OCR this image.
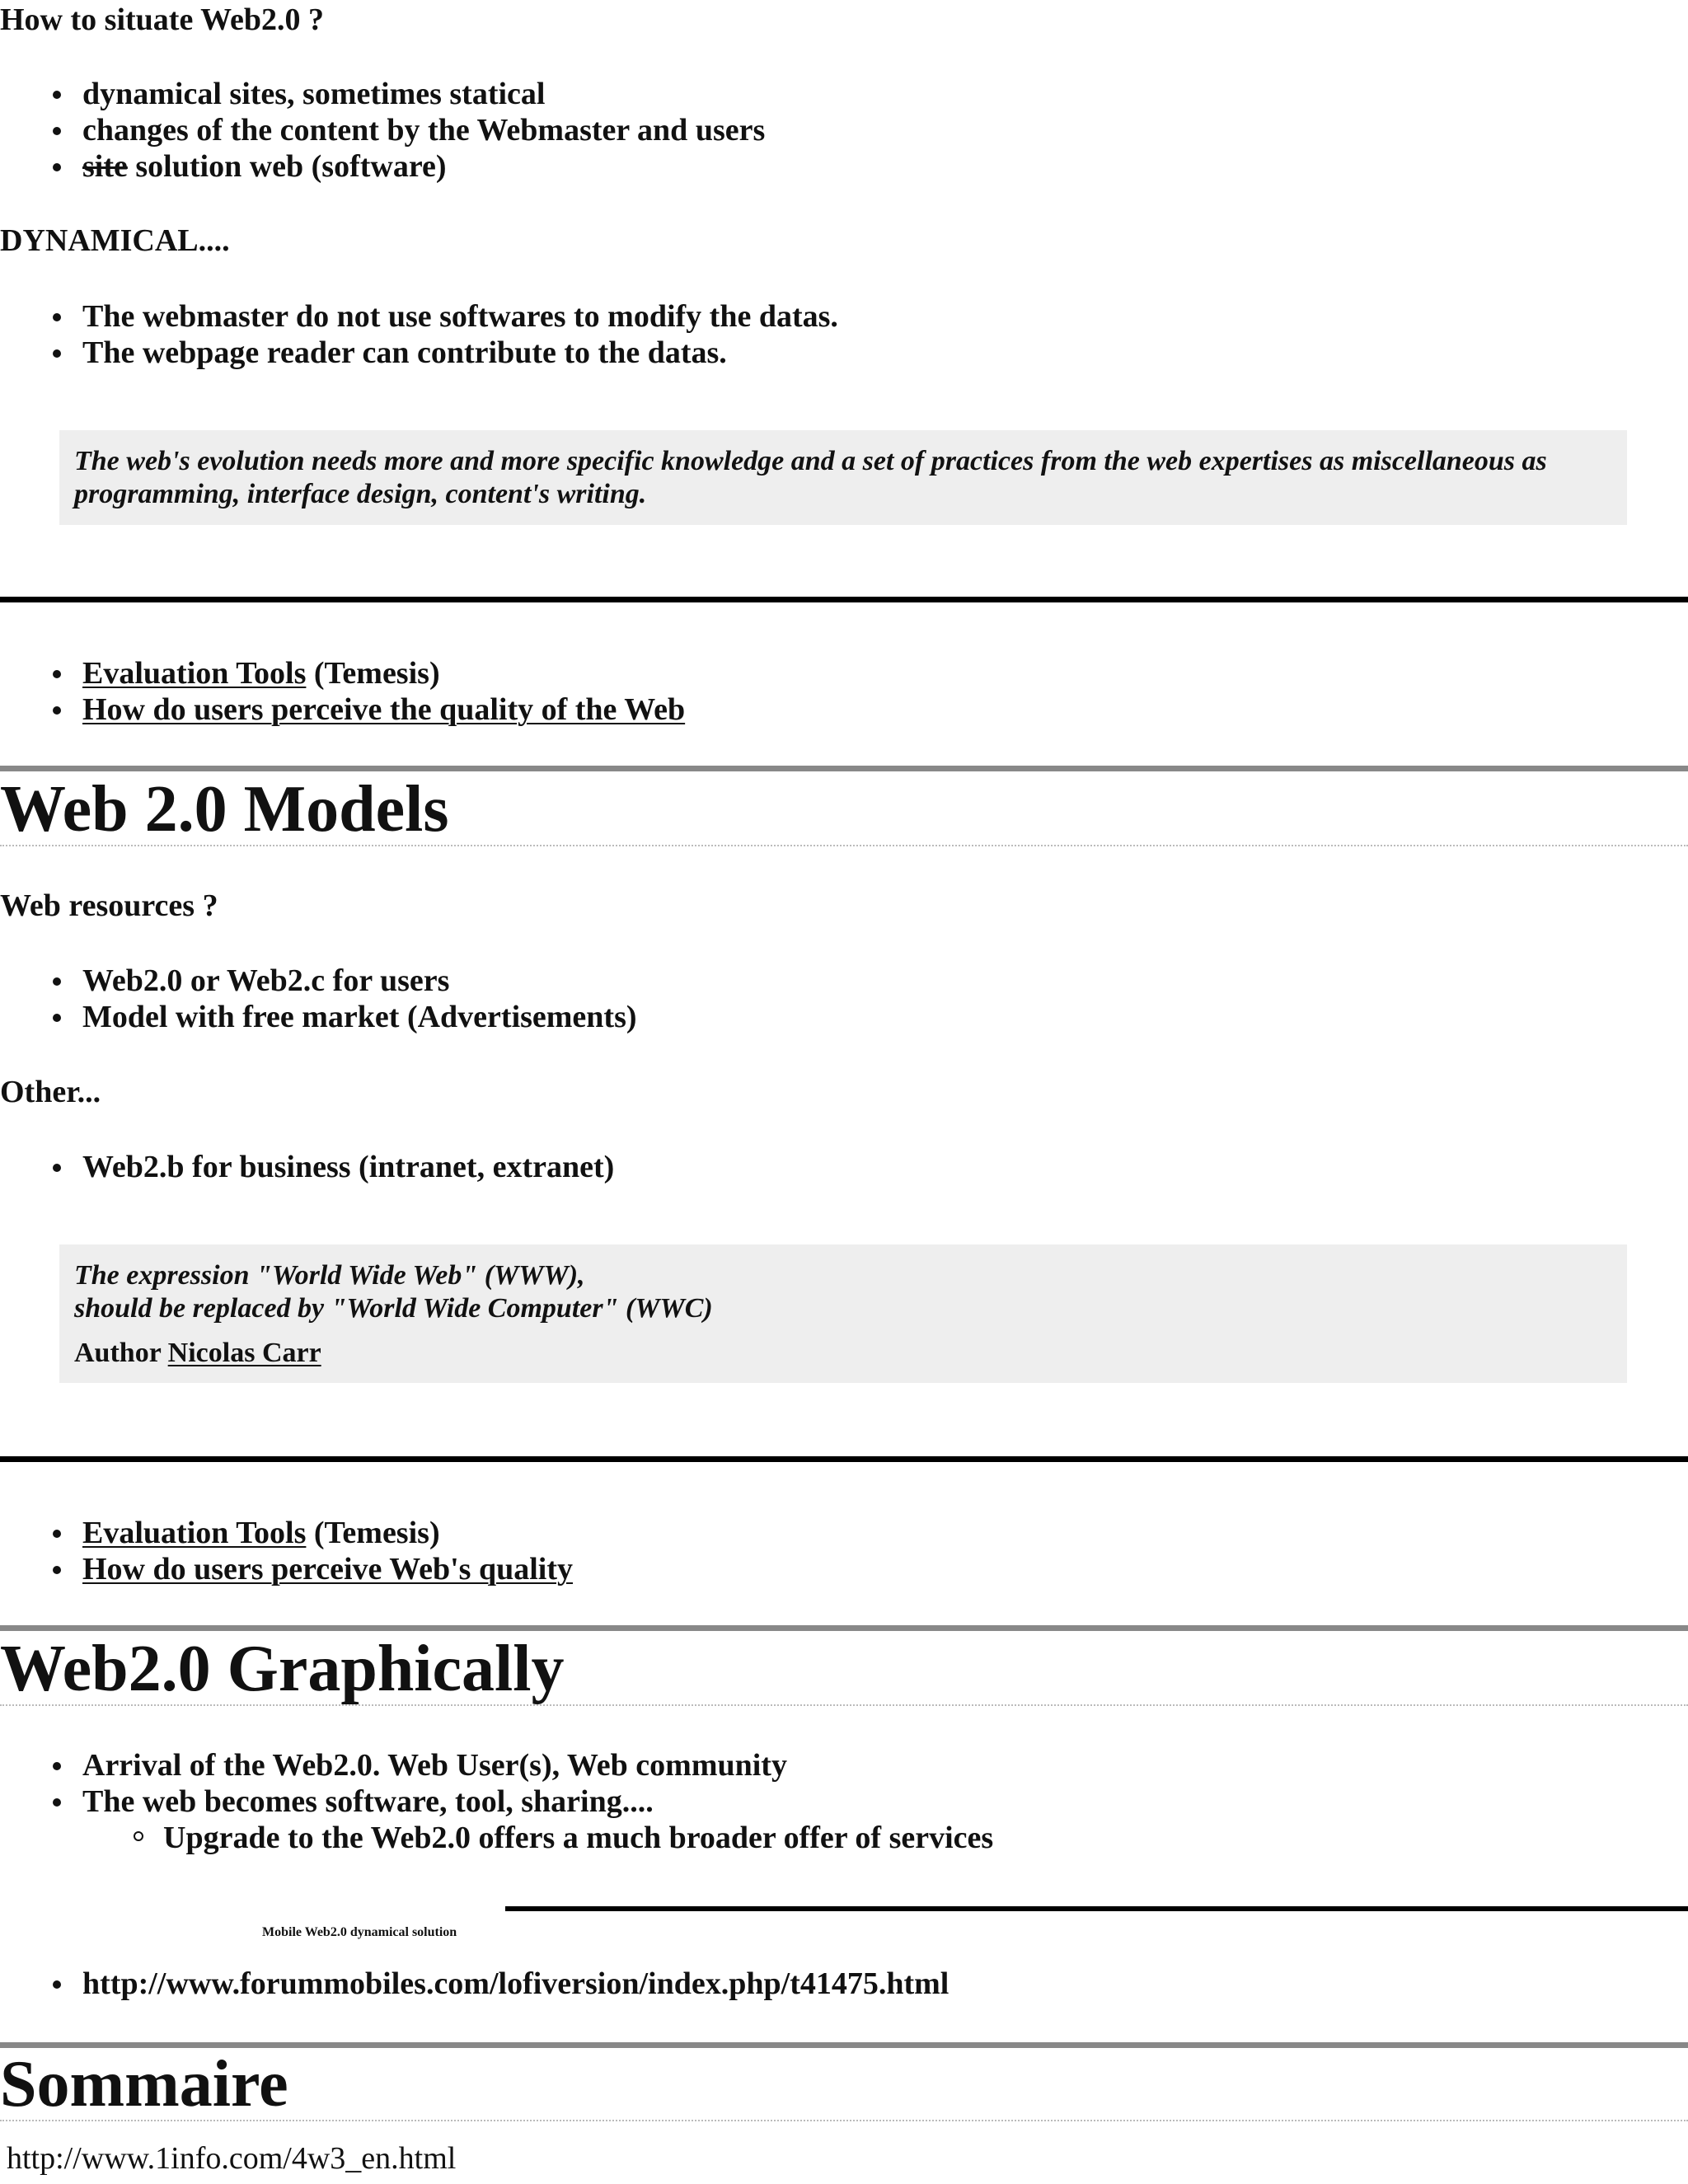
How to situate Web2.0 ?
dynamical sites, sometimes statical
changes of the content by the Webmaster and users
site solution web (software)
DYNAMICAL....
The webmaster do not use softwares to modify the datas.
The webpage reader can contribute to the datas.
The web's evolution needs more and more specific knowledge and a set of practices from the web expertises as miscellaneous as programming, interface design, content's writing.
Evaluation Tools (Temesis)
How do users perceive the quality of the Web
Web 2.0 Models
Web resources ?
Web2.0 or Web2.c for users
Model with free market (Advertisements)
Other...
Web2.b for business (intranet, extranet)
The expression "World Wide Web" (WWW),
should be replaced by "World Wide Computer" (WWC)
Author Nicolas Carr
Evaluation Tools (Temesis)
How do users perceive Web's quality
Web2.0 Graphically
Arrival of the Web2.0. Web User(s), Web community
The web becomes software, tool, sharing....
Upgrade to the Web2.0 offers a much broader offer of services
Mobile Web2.0 dynamical solution
http://www.forummobiles.com/lofiversion/index.php/t41475.html
Sommaire
http://www.1info.com/4w3_en.html
